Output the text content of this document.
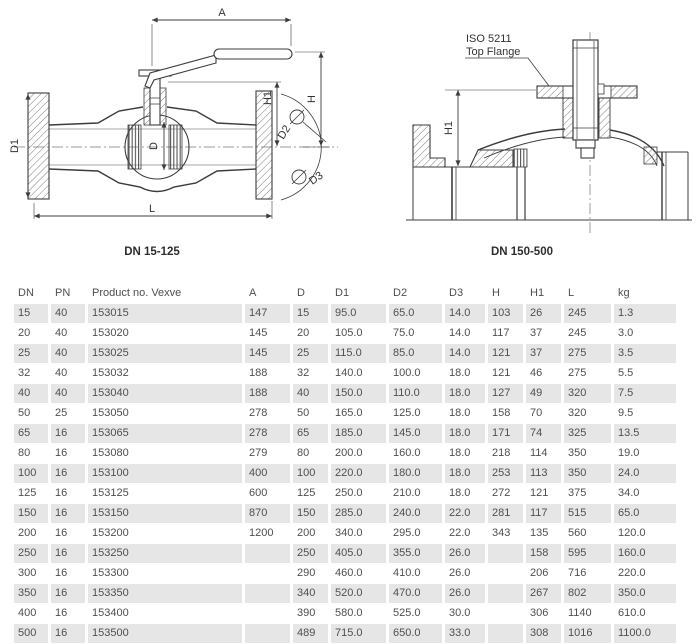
A
H
H1
D1	D
D2
D3
L
DN 15-125
H1
ISO 5211
Top Flange
DN 150-500
DN	PN	Product no. Vexve	A	D	D1	D2	D3	H	H1	L	kg
15	40	153015	147	15	95.0	65.0	14.0	103	26	245	1.3
20	40	153020	145	20	105.0	75.0	14.0	117	37	245	3.0
25	40	153025	145	25	115.0	85.0	14.0	121	37	275	3.5
32	40	153032	188	32	140.0	100.0	18.0	121	46	275	5.5
40	40	153040	188	40	150.0	110.0	18.0	127	49	320	7.5
50	25	153050	278	50	165.0	125.0	18.0	158	70	320	9.5
65	16	153065	278	65	185.0	145.0	18.0	171	74	325	13.5
80	16	153080	279	80	200.0	160.0	18.0	218	114	350	19.0
100	16	153100	400	100	220.0	180.0	18.0	253	113	350	24.0
125	16	153125	600	125	250.0	210.0	18.0	272	121	375	34.0
150	16	153150	870	150	285.0	240.0	22.0	281	117	515	65.0
200	16	153200	1200	200	340.0	295.0	22.0	343	135	560	120.0
250	16	153250		250	405.0	355.0	26.0		158	595	160.0
300	16	153300		290	460.0	410.0	26.0		206	716	220.0
350	16	153350		340	520.0	470.0	26.0		267	802	350.0
400	16	153400		390	580.0	525.0	30.0		306	1140	610.0
500	16	153500		489	715.0	650.0	33.0		308	1016	1100.0
